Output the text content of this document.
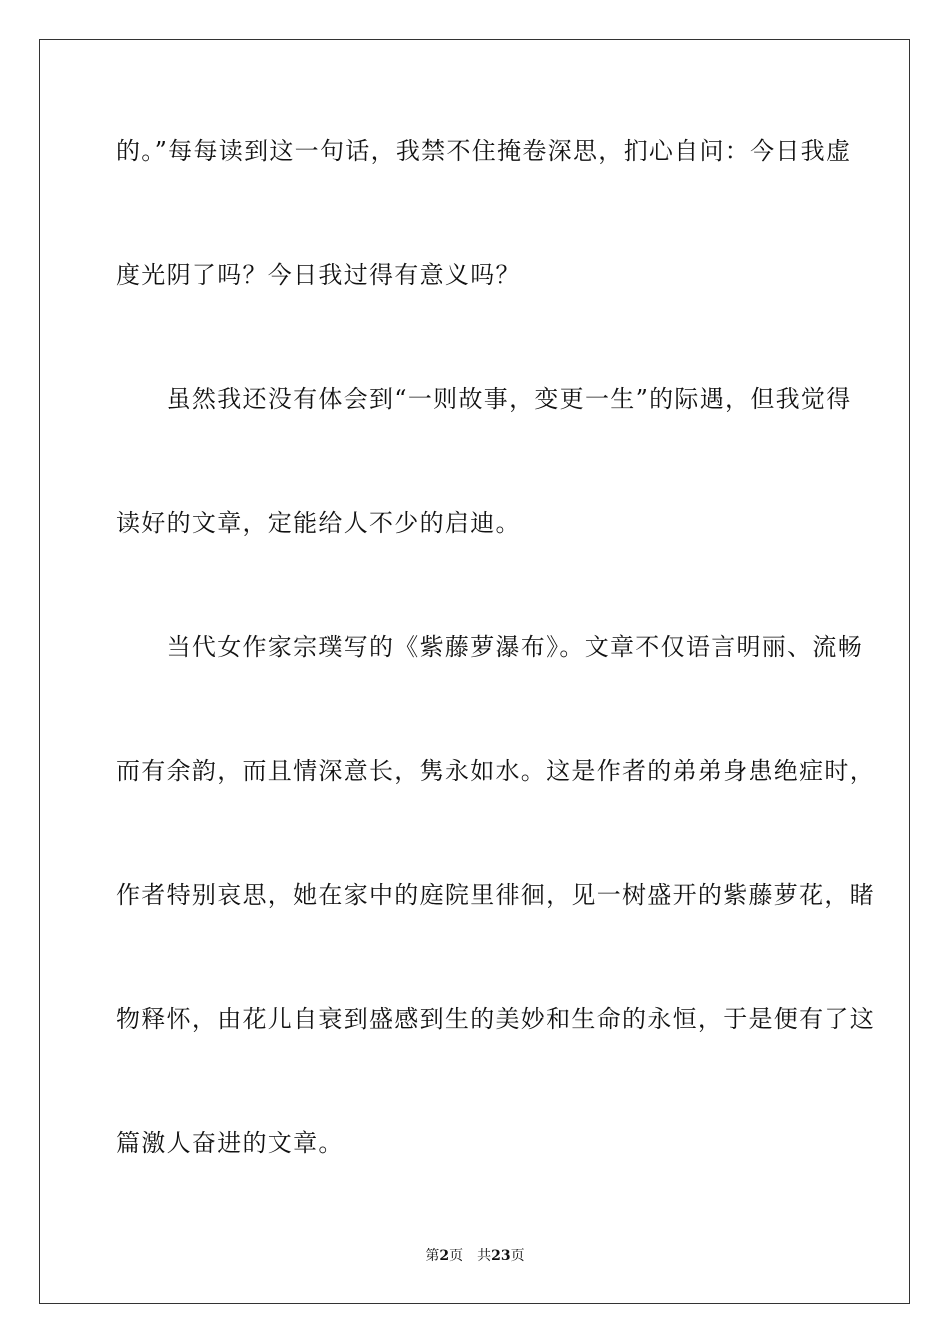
的。”每每读到这一句话，我禁不住掩卷深思，扪心自问：今日我虚
度光阴了吗？今日我过得有意义吗？
　　虽然我还没有体会到“一则故事，变更一生”的际遇，但我觉得
读好的文章，定能给人不少的启迪。
　　当代女作家宗璞写的《紫藤萝瀑布》。文章不仅语言明丽、流畅
而有余韵，而且情深意长，隽永如水。这是作者的弟弟身患绝症时，
作者特别哀思，她在家中的庭院里徘徊，见一树盛开的紫藤萝花，睹
物释怀，由花儿自衰到盛感到生的美妙和生命的永恒，于是便有了这
篇激人奋进的文章。
第2页 共23页
